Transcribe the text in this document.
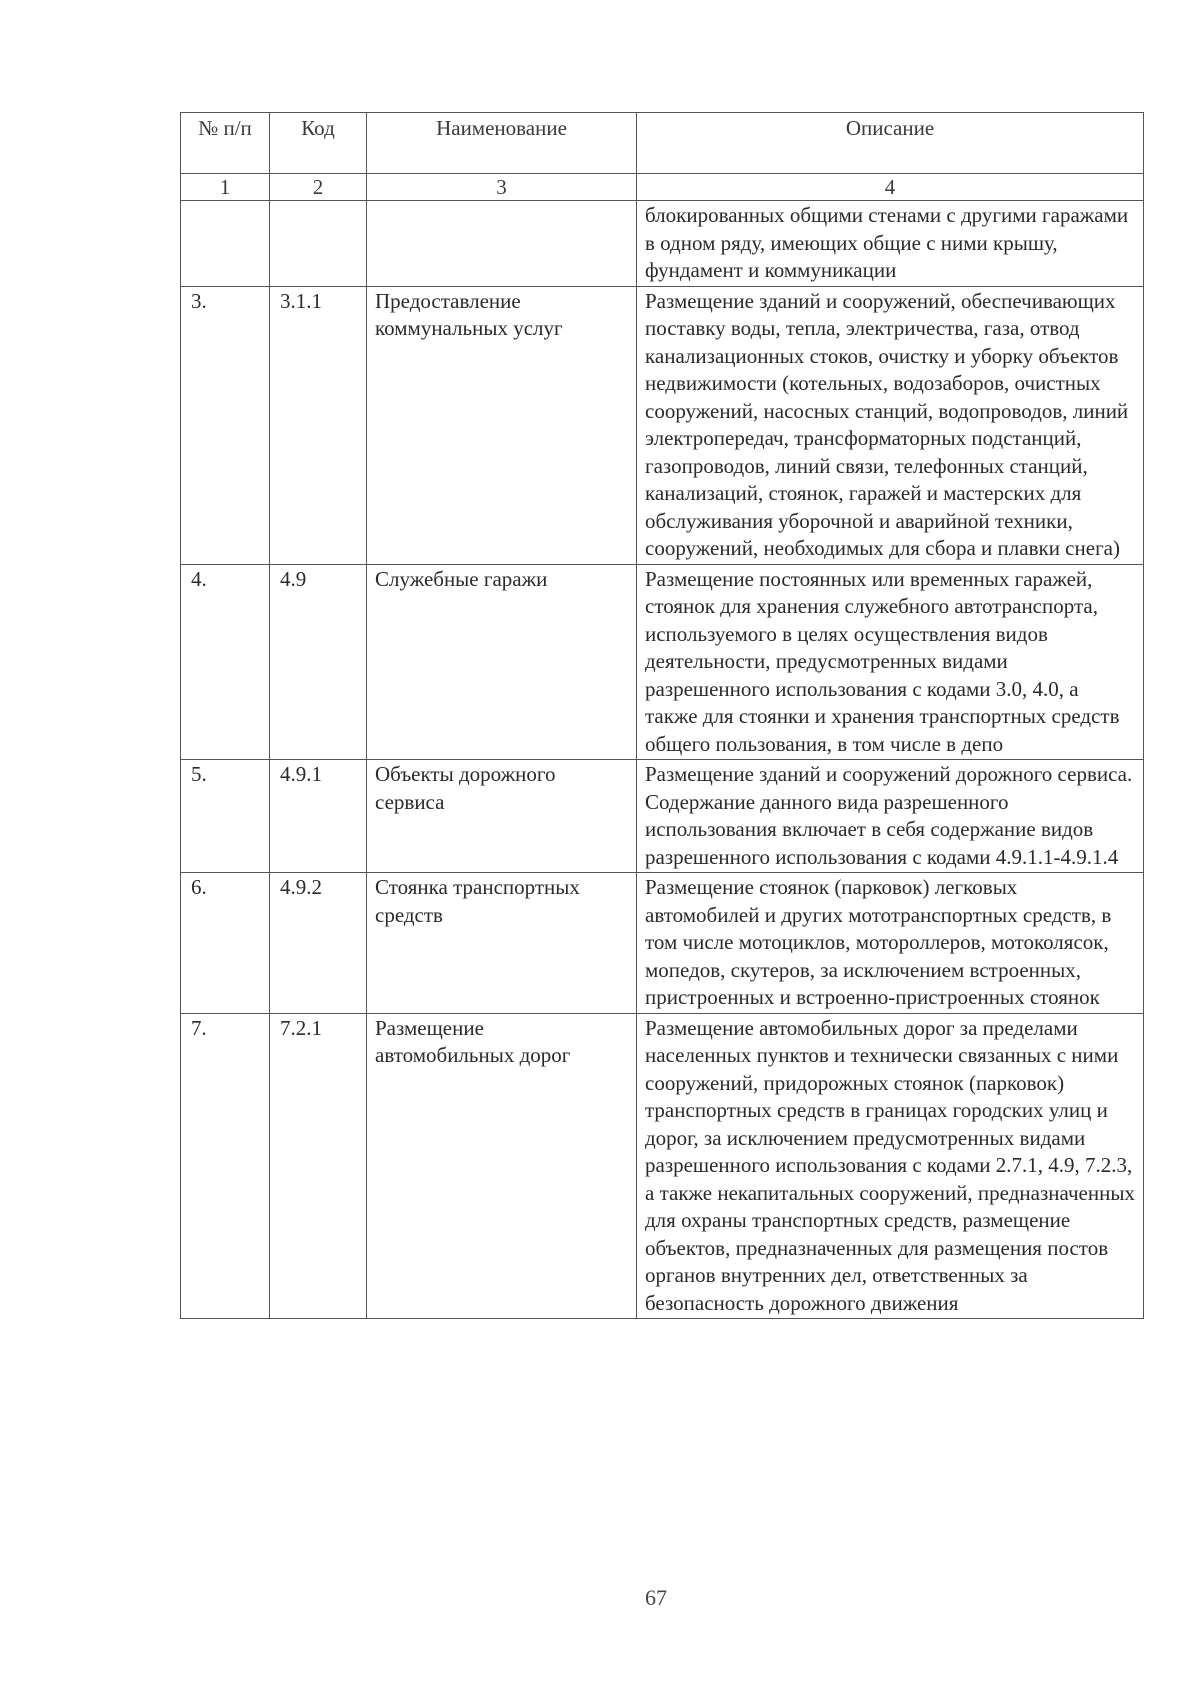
№ п/п	Код	Наименование	Описание
1	2	3	4
			блокированных общими стенами с другими гаражами в одном ряду, имеющих общие с ними крышу, фундамент и коммуникации
3.	3.1.1	Предоставление коммунальных услуг	Размещение зданий и сооружений, обеспечивающих поставку воды, тепла, электричества, газа, отвод канализационных стоков, очистку и уборку объектов недвижимости (котельных, водозаборов, очистных сооружений, насосных станций, водопроводов, линий электропередач, трансформаторных подстанций, газопроводов, линий связи, телефонных станций, канализаций, стоянок, гаражей и мастерских для обслуживания уборочной и аварийной техники, сооружений, необходимых для сбора и плавки снега)
4.	4.9	Служебные гаражи	Размещение постоянных или временных гаражей, стоянок для хранения служебного автотранспорта, используемого в целях осуществления видов деятельности, предусмотренных видами разрешенного использования с кодами 3.0, 4.0, а также для стоянки и хранения транспортных средств общего пользования, в том числе в депо
5.	4.9.1	Объекты дорожного сервиса	Размещение зданий и сооружений дорожного сервиса. Содержание данного вида разрешенного использования включает в себя содержание видов разрешенного использования с кодами 4.9.1.1-4.9.1.4
6.	4.9.2	Стоянка транспортных средств	Размещение стоянок (парковок) легковых автомобилей и других мототранспортных средств, в том числе мотоциклов, мотороллеров, мотоколясок, мопедов, скутеров, за исключением встроенных, пристроенных и встроенно-пристроенных стоянок
7.	7.2.1	Размещение автомобильных дорог	Размещение автомобильных дорог за пределами населенных пунктов и технически связанных с ними сооружений, придорожных стоянок (парковок) транспортных средств в границах городских улиц и дорог, за исключением предусмотренных видами разрешенного использования с кодами 2.7.1, 4.9, 7.2.3, а также некапитальных сооружений, предназначенных для охраны транспортных средств, размещение объектов, предназначенных для размещения постов органов внутренних дел, ответственных за безопасность дорожного движения
67
